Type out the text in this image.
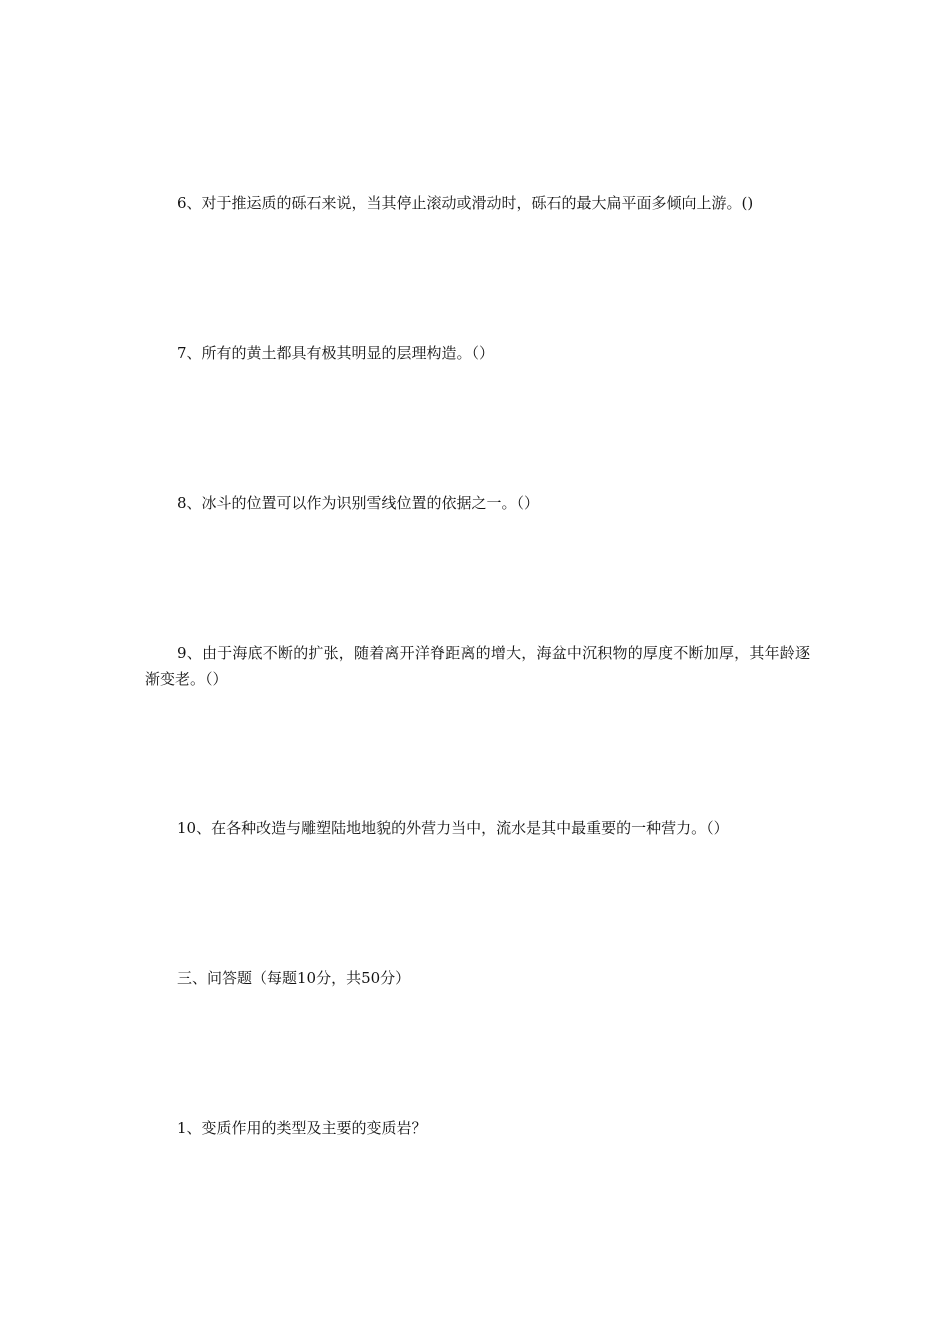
6、对于推运质的砾石来说，当其停止滚动或滑动时，砾石的最大扁平面多倾向上游。()

7、所有的黄土都具有极其明显的层理构造。（）

8、冰斗的位置可以作为识别雪线位置的依据之一。（）

9、由于海底不断的扩张，随着离开洋脊距离的增大，海盆中沉积物的厚度不断加厚，其年龄逐渐变老。（）

10、在各种改造与雕塑陆地地貌的外营力当中，流水是其中最重要的一种营力。（）

三、问答题（每题10分，共50分）

1、变质作用的类型及主要的变质岩？
